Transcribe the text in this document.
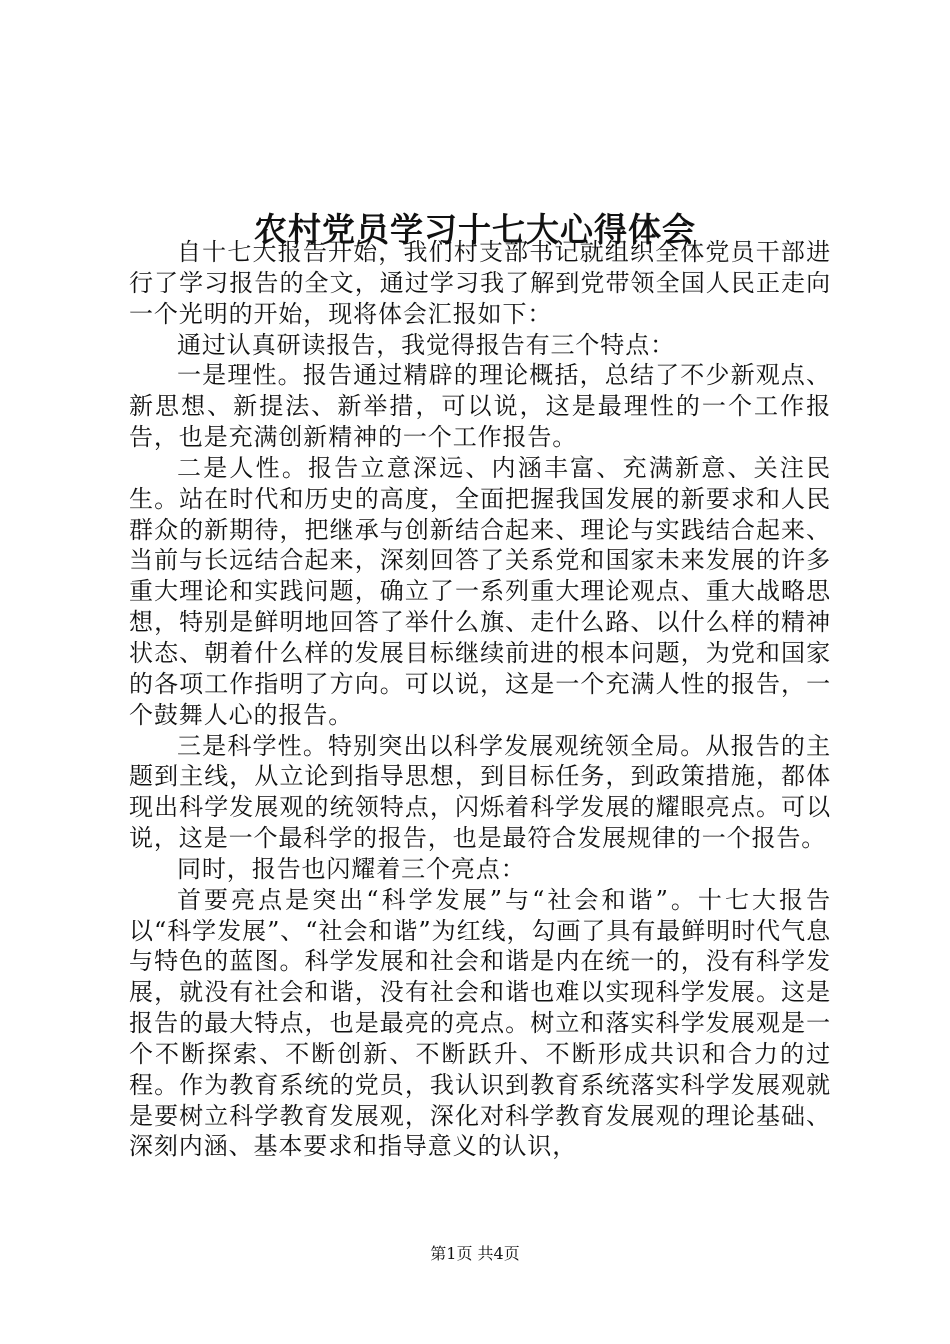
农村党员学习十七大心得体会

自十七大报告开始，我们村支部书记就组织全体党员干部进行了学习报告的全文，通过学习我了解到党带领全国人民正走向一个光明的开始，现将体会汇报如下：

通过认真研读报告，我觉得报告有三个特点：

一是理性。报告通过精辟的理论概括，总结了不少新观点、新思想、新提法、新举措，可以说，这是最理性的一个工作报告，也是充满创新精神的一个工作报告。

二是人性。报告立意深远、内涵丰富、充满新意、关注民生。站在时代和历史的高度，全面把握我国发展的新要求和人民群众的新期待，把继承与创新结合起来、理论与实践结合起来、当前与长远结合起来，深刻回答了关系党和国家未来发展的许多重大理论和实践问题，确立了一系列重大理论观点、重大战略思想，特别是鲜明地回答了举什么旗、走什么路、以什么样的精神状态、朝着什么样的发展目标继续前进的根本问题，为党和国家的各项工作指明了方向。可以说，这是一个充满人性的报告，一个鼓舞人心的报告。

三是科学性。特别突出以科学发展观统领全局。从报告的主题到主线，从立论到指导思想，到目标任务，到政策措施，都体现出科学发展观的统领特点，闪烁着科学发展的耀眼亮点。可以说，这是一个最科学的报告，也是最符合发展规律的一个报告。

同时，报告也闪耀着三个亮点：

首要亮点是突出“科学发展”与“社会和谐”。十七大报告以“科学发展”、“社会和谐”为红线，勾画了具有最鲜明时代气息与特色的蓝图。科学发展和社会和谐是内在统一的，没有科学发展，就没有社会和谐，没有社会和谐也难以实现科学发展。这是报告的最大特点，也是最亮的亮点。树立和落实科学发展观是一个不断探索、不断创新、不断跃升、不断形成共识和合力的过程。作为教育系统的党员，我认识到教育系统落实科学发展观就是要树立科学教育发展观，深化对科学教育发展观的理论基础、深刻内涵、基本要求和指导意义的认识，

第1页 共4页
